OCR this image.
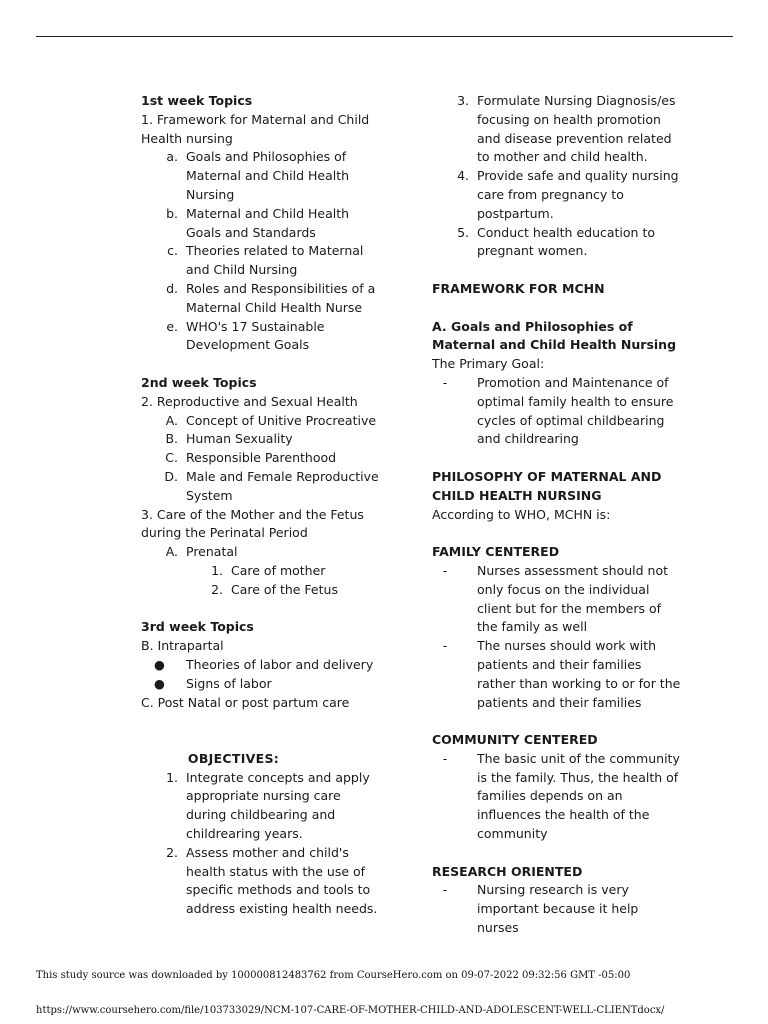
1st week Topics
1. Framework for Maternal and Child Health nursing
a. Goals and Philosophies of Maternal and Child Health Nursing
b. Maternal and Child Health Goals and Standards
c. Theories related to Maternal and Child Nursing
d. Roles and Responsibilities of a Maternal Child Health Nurse
e. WHO's 17 Sustainable Development Goals
2nd week Topics
2. Reproductive and Sexual Health
A. Concept of Unitive Procreative
B. Human Sexuality
C. Responsible Parenthood
D. Male and Female Reproductive System
3. Care of the Mother and the Fetus during the Perinatal Period
A. Prenatal
1. Care of mother
2. Care of the Fetus
3rd week Topics
B. Intrapartal
●	Theories of labor and delivery
●	Signs of labor
C. Post Natal or post partum care
OBJECTIVES:
1. Integrate concepts and apply appropriate nursing care during childbearing and childrearing years.
2. Assess mother and child's health status with the use of specific methods and tools to address existing health needs.
3. Formulate Nursing Diagnosis/es focusing on health promotion and disease prevention related to mother and child health.
4. Provide safe and quality nursing care from pregnancy to postpartum.
5. Conduct health education to pregnant women.
FRAMEWORK FOR MCHN
A. Goals and Philosophies of Maternal and Child Health Nursing
The Primary Goal:
-	Promotion and Maintenance of optimal family health to ensure cycles of optimal childbearing and childrearing
PHILOSOPHY OF MATERNAL AND CHILD HEALTH NURSING
According to WHO, MCHN is:
FAMILY CENTERED
-	Nurses assessment should not only focus on the individual client but for the members of the family as well
-	The nurses should work with patients and their families rather than working to or for the patients and their families
COMMUNITY CENTERED
-	The basic unit of the community is the family. Thus, the health of families depends on an influences the health of the community
RESEARCH ORIENTED
-	Nursing research is very important because it help nurses
This study source was downloaded by 100000812483762 from CourseHero.com on 09-07-2022 09:32:56 GMT -05:00
https://www.coursehero.com/file/103733029/NCM-107-CARE-OF-MOTHER-CHILD-AND-ADOLESCENT-WELL-CLIENTdocx/
